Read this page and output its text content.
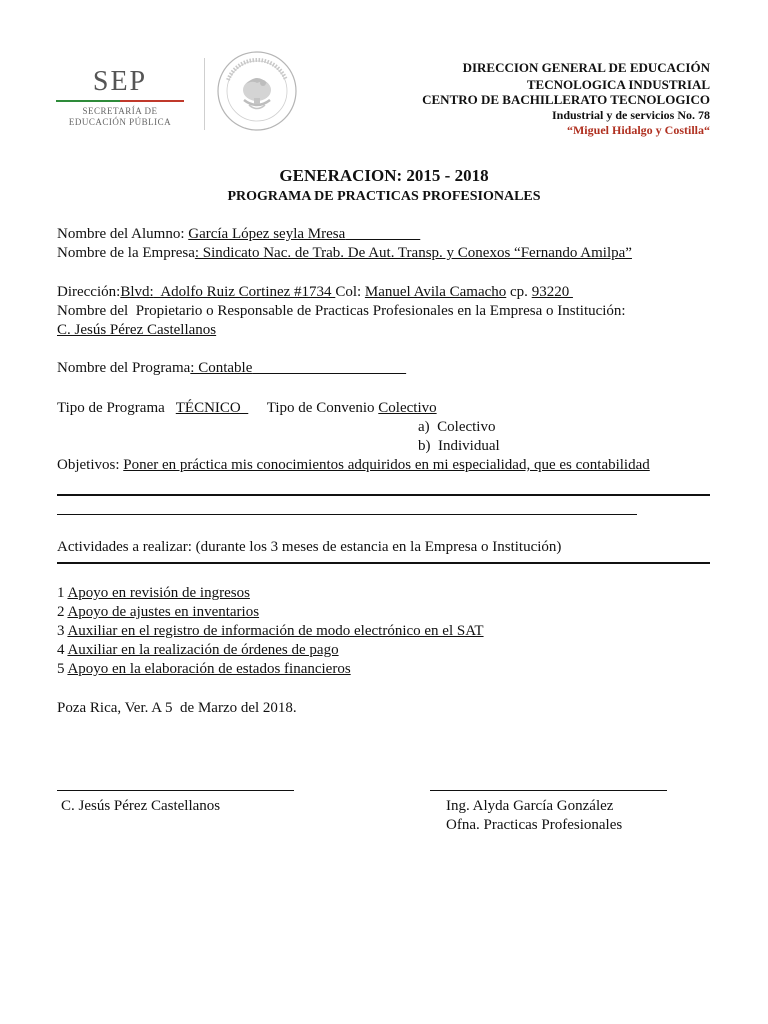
SEP
SECRETARÍA DE
EDUCACIÓN PÚBLICA
DIRECCION GENERAL DE EDUCACIÓN
TECNOLOGICA INDUSTRIAL
CENTRO DE BACHILLERATO TECNOLOGICO
Industrial y de servicios No. 78
“Miguel Hidalgo y Costilla“
GENERACION: 2015 - 2018
PROGRAMA DE PRACTICAS PROFESIONALES
Nombre del Alumno: García López seyla Mresa
Nombre de la Empresa: Sindicato Nac. de Trab. De Aut. Transp. y Conexos “Fernando Amilpa”
Dirección:Blvd:  Adolfo Ruiz Cortinez #1734 Col: Manuel Avila Camacho cp. 93220
Nombre del  Propietario o Responsable de Practicas Profesionales en la Empresa o Institución:
C. Jesús Pérez Castellanos
Nombre del Programa: Contable
Tipo de Programa   TÉCNICO       Tipo de Convenio Colectivo
a)  Colectivo
b)  Individual
Objetivos: Poner en práctica mis conocimientos adquiridos en mi especialidad, que es contabilidad
Actividades a realizar: (durante los 3 meses de estancia en la Empresa o Institución)
1 Apoyo en revisión de ingresos
2 Apoyo de ajustes en inventarios
3 Auxiliar en el registro de información de modo electrónico en el SAT
4 Auxiliar en la realización de órdenes de pago
5 Apoyo en la elaboración de estados financieros
Poza Rica, Ver. A 5  de Marzo del 2018.
C. Jesús Pérez Castellanos	Ing. Alyda García González
Ofna. Practicas Profesionales
